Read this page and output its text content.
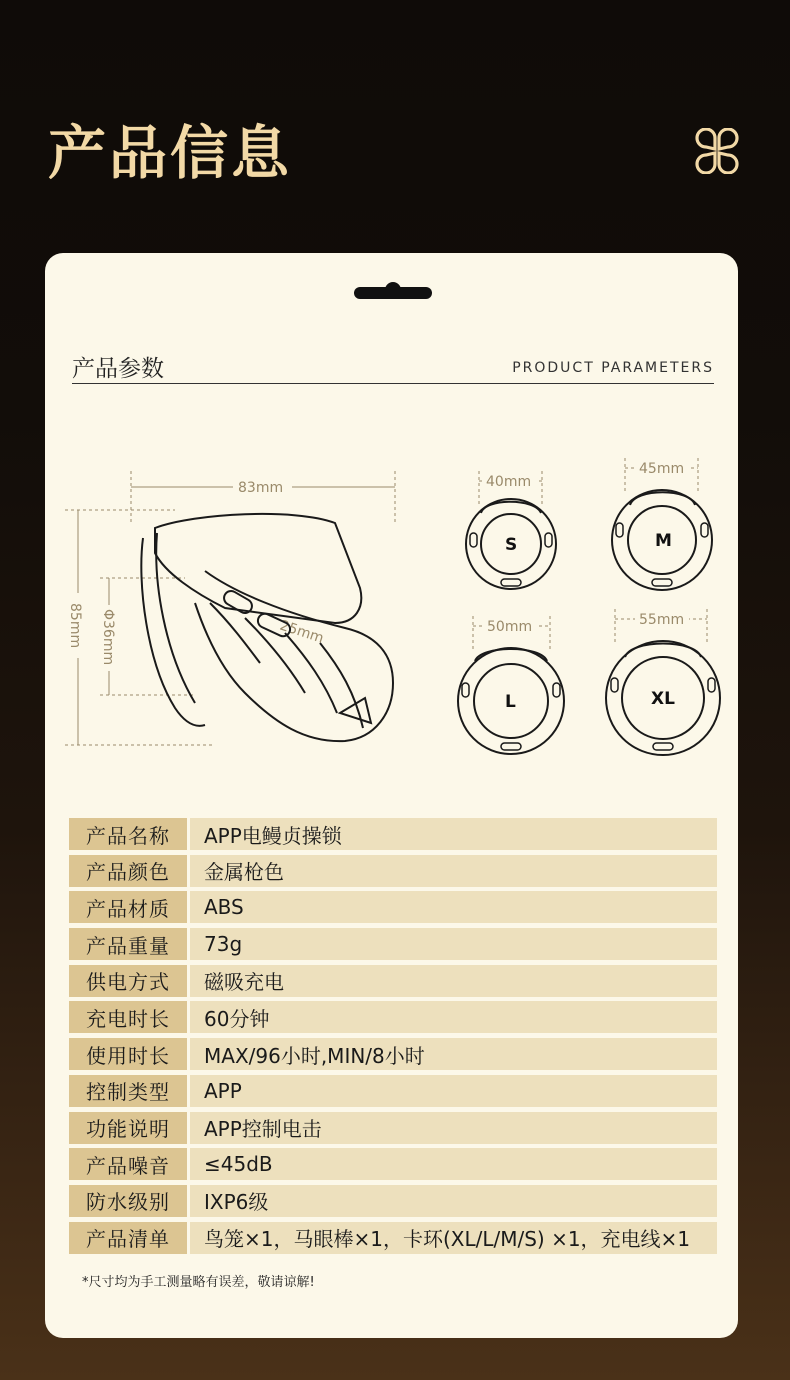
产品信息
产品参数	PRODUCT PARAMETERS
83mm
85mm Φ36mm	25mm
40mm
S
45mm
M
50mm
L
55mm
XL
产品名称	APP电鳗贞操锁
产品颜色	金属枪色
产品材质	ABS
产品重量	73g
供电方式	磁吸充电
充电时长	60分钟
使用时长	MAX/96小时,MIN/8小时
控制类型	APP
功能说明	APP控制电击
产品噪音	≤45dB
防水级别	IXP6级
产品清单	鸟笼×1，马眼棒×1，卡环(XL/L/M/S) ×1，充电线×1
*尺寸均为手工测量略有误差，敬请谅解!
